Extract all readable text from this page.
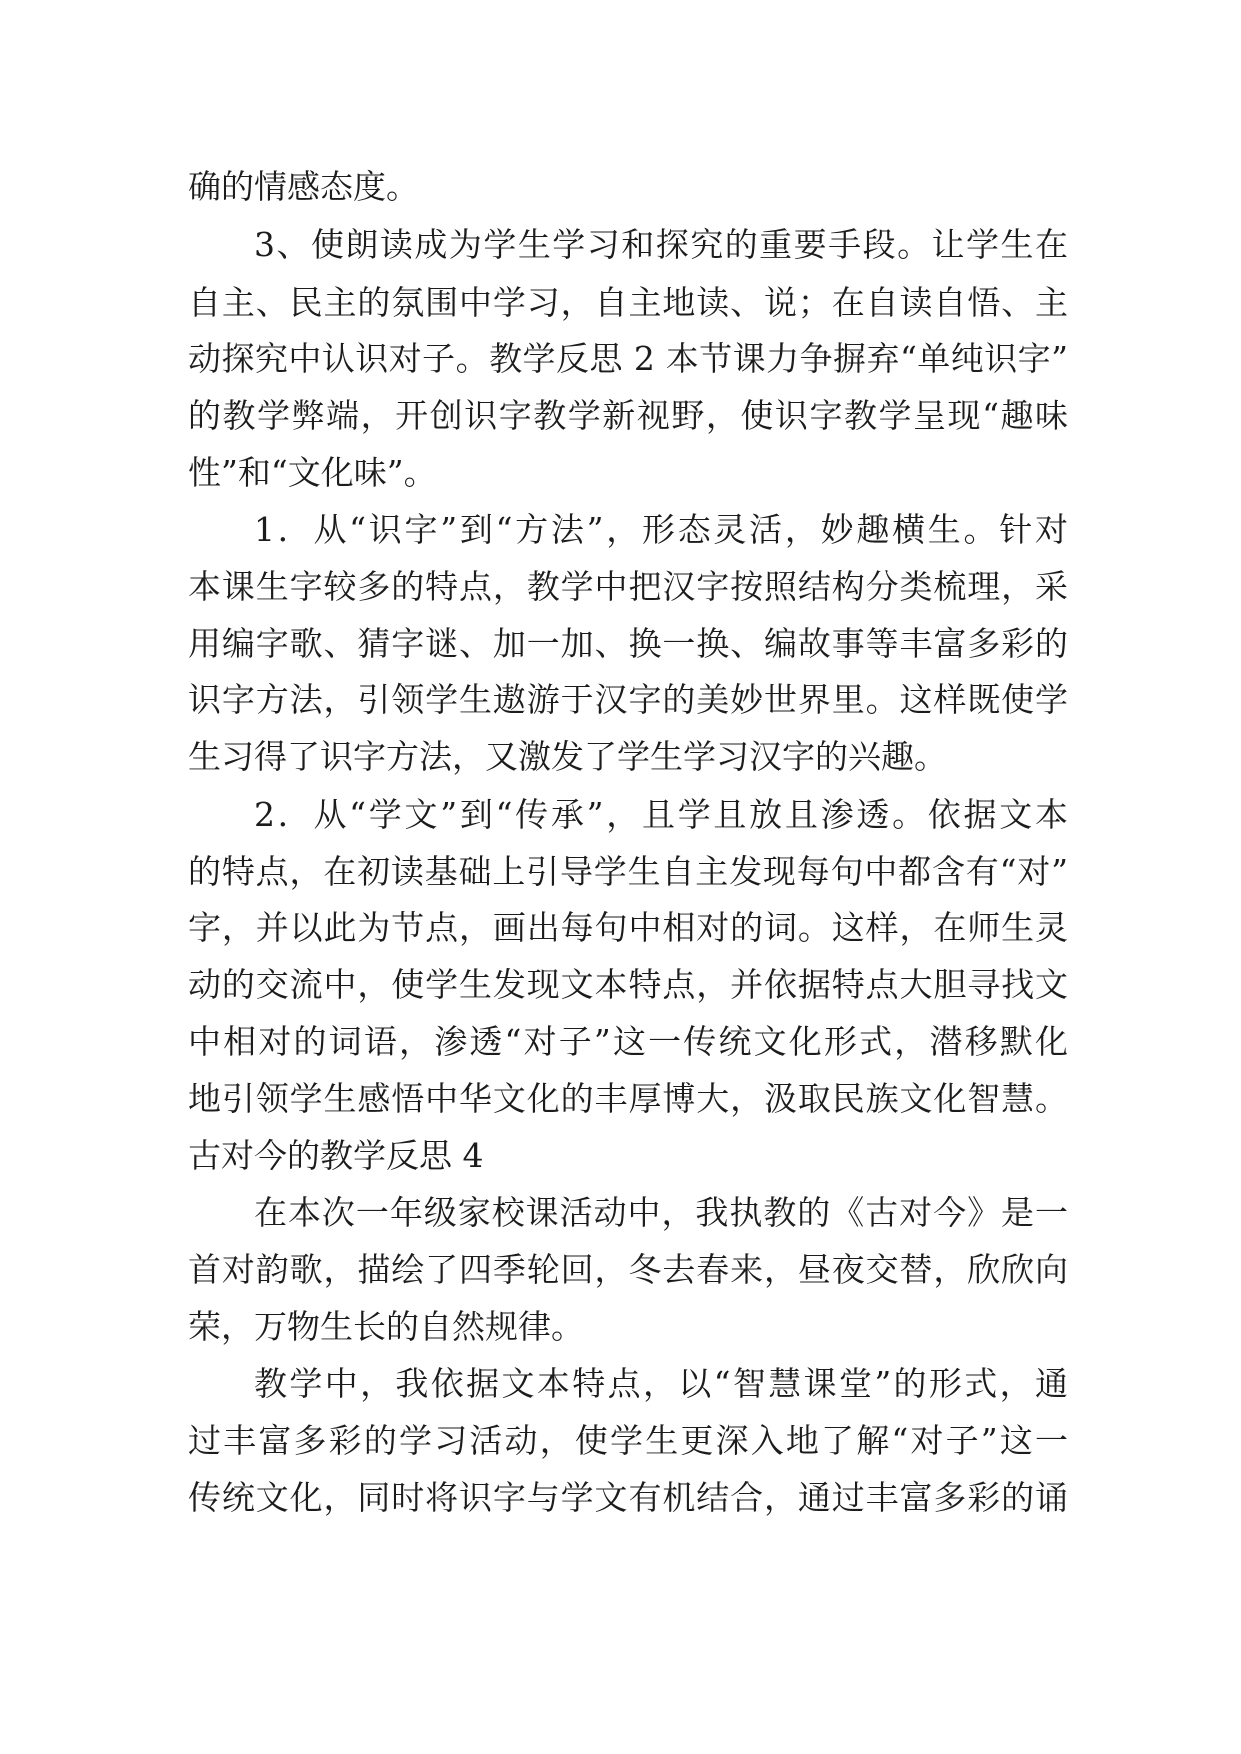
确的情感态度。
3、使朗读成为学生学习和探究的重要手段。让学生在
自主、民主的氛围中学习，自主地读、说；在自读自悟、主
动探究中认识对子。教学反思 2 本节课力争摒弃“单纯识字”
的教学弊端，开创识字教学新视野，使识字教学呈现“趣味
性”和“文化味”。
1．从“识字”到“方法”，形态灵活，妙趣横生。针对
本课生字较多的特点，教学中把汉字按照结构分类梳理，采
用编字歌、猜字谜、加一加、换一换、编故事等丰富多彩的
识字方法，引领学生遨游于汉字的美妙世界里。这样既使学
生习得了识字方法，又激发了学生学习汉字的兴趣。
2．从“学文”到“传承”，且学且放且渗透。依据文本
的特点，在初读基础上引导学生自主发现每句中都含有“对”
字，并以此为节点，画出每句中相对的词。这样，在师生灵
动的交流中，使学生发现文本特点，并依据特点大胆寻找文
中相对的词语，渗透“对子”这一传统文化形式，潜移默化
地引领学生感悟中华文化的丰厚博大，汲取民族文化智慧。
古对今的教学反思 4
在本次一年级家校课活动中，我执教的《古对今》是一
首对韵歌，描绘了四季轮回，冬去春来，昼夜交替，欣欣向
荣，万物生长的自然规律。
教学中，我依据文本特点，以“智慧课堂”的形式，通
过丰富多彩的学习活动，使学生更深入地了解“对子”这一
传统文化，同时将识字与学文有机结合，通过丰富多彩的诵
